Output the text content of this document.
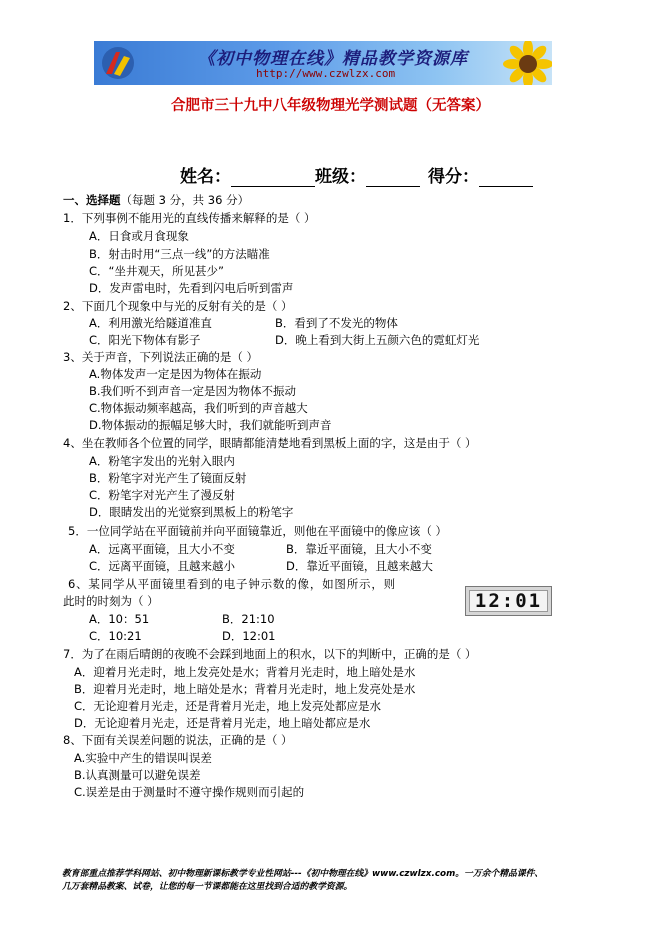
《初中物理在线》精品教学资源库
http://www.czwlzx.com
合肥市三十九中八年级物理光学测试题（无答案）
姓名：	班级：	得分：
一、选择题（每题 3 分，共 36 分）
1．下列事例不能用光的直线传播来解释的是（ ）
A．日食或月食现象
B．射击时用“三点一线”的方法瞄准
C．“坐井观天，所见甚少”
D．发声雷电时，先看到闪电后听到雷声
2、下面几个现象中与光的反射有关的是（ ）
A．利用激光给隧道准直	B．看到了不发光的物体
C．阳光下物体有影子	D．晚上看到大街上五颜六色的霓虹灯光
3、关于声音，下列说法正确的是（ ）
A.物体发声一定是因为物体在振动
B.我们听不到声音一定是因为物体不振动
C.物体振动频率越高，我们听到的声音越大
D.物体振动的振幅足够大时，我们就能听到声音
4、坐在教师各个位置的同学，眼睛都能清楚地看到黑板上面的字，这是由于（ ）
A．粉笔字发出的光射入眼内
B．粉笔字对光产生了镜面反射
C．粉笔字对光产生了漫反射
D．眼睛发出的光觉察到黑板上的粉笔字
5．一位同学站在平面镜前并向平面镜靠近，则他在平面镜中的像应该（ ）
A．远离平面镜，且大小不变	B．靠近平面镜，且大小不变
C．远离平面镜，且越来越小	D．靠近平面镜，且越来越大
6、某同学从平面镜里看到的电子钟示数的像，如图所示，则
此时的时刻为（ ）	12:01
A．10：51	B．21:10
C．10:21	D．12:01
7．为了在雨后晴朗的夜晚不会踩到地面上的积水，以下的判断中，正确的是（ ）
A．迎着月光走时，地上发亮处是水；背着月光走时，地上暗处是水
B．迎着月光走时，地上暗处是水；背着月光走时，地上发亮处是水
C．无论迎着月光走，还是背着月光走，地上发亮处都应是水
D．无论迎着月光走，还是背着月光走，地上暗处都应是水
8、下面有关误差问题的说法，正确的是（ ）
A.实验中产生的错误叫误差
B.认真测量可以避免误差
C.误差是由于测量时不遵守操作规则而引起的
教育部重点推荐学科网站、初中物理新课标教学专业性网站---《初中物理在线》www.czwlzx.com。一万余个精品课件、
几万套精品教案、试卷，让您的每一节课都能在这里找到合适的教学资源。
